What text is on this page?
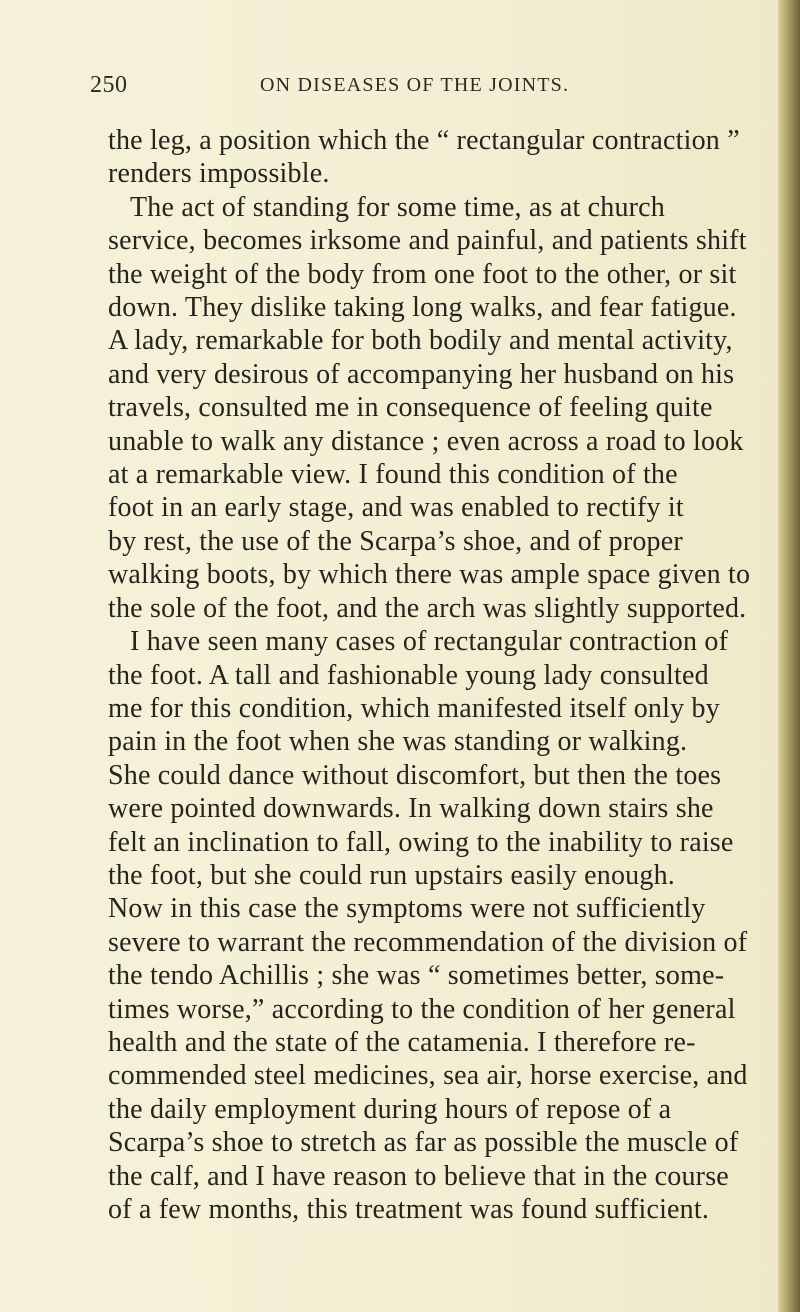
250	ON DISEASES OF THE JOINTS.
the leg, a position which the “ rectangular contraction ”
renders impossible.
The act of standing for some time, as at church
service, becomes irksome and painful, and patients shift
the weight of the body from one foot to the other, or sit
down. They dislike taking long walks, and fear fatigue.
A lady, remarkable for both bodily and mental activity,
and very desirous of accompanying her husband on his
travels, consulted me in consequence of feeling quite
unable to walk any distance ; even across a road to look
at a remarkable view. I found this condition of the
foot in an early stage, and was enabled to rectify it
by rest, the use of the Scarpa’s shoe, and of proper
walking boots, by which there was ample space given to
the sole of the foot, and the arch was slightly supported.
I have seen many cases of rectangular contraction of
the foot. A tall and fashionable young lady consulted
me for this condition, which manifested itself only by
pain in the foot when she was standing or walking.
She could dance without discomfort, but then the toes
were pointed downwards. In walking down stairs she
felt an inclination to fall, owing to the inability to raise
the foot, but she could run upstairs easily enough.
Now in this case the symptoms were not sufficiently
severe to warrant the recommendation of the division of
the tendo Achillis ; she was “ sometimes better, some-
times worse,” according to the condition of her general
health and the state of the catamenia. I therefore re-
commended steel medicines, sea air, horse exercise, and
the daily employment during hours of repose of a
Scarpa’s shoe to stretch as far as possible the muscle of
the calf, and I have reason to believe that in the course
of a few months, this treatment was found sufficient.
